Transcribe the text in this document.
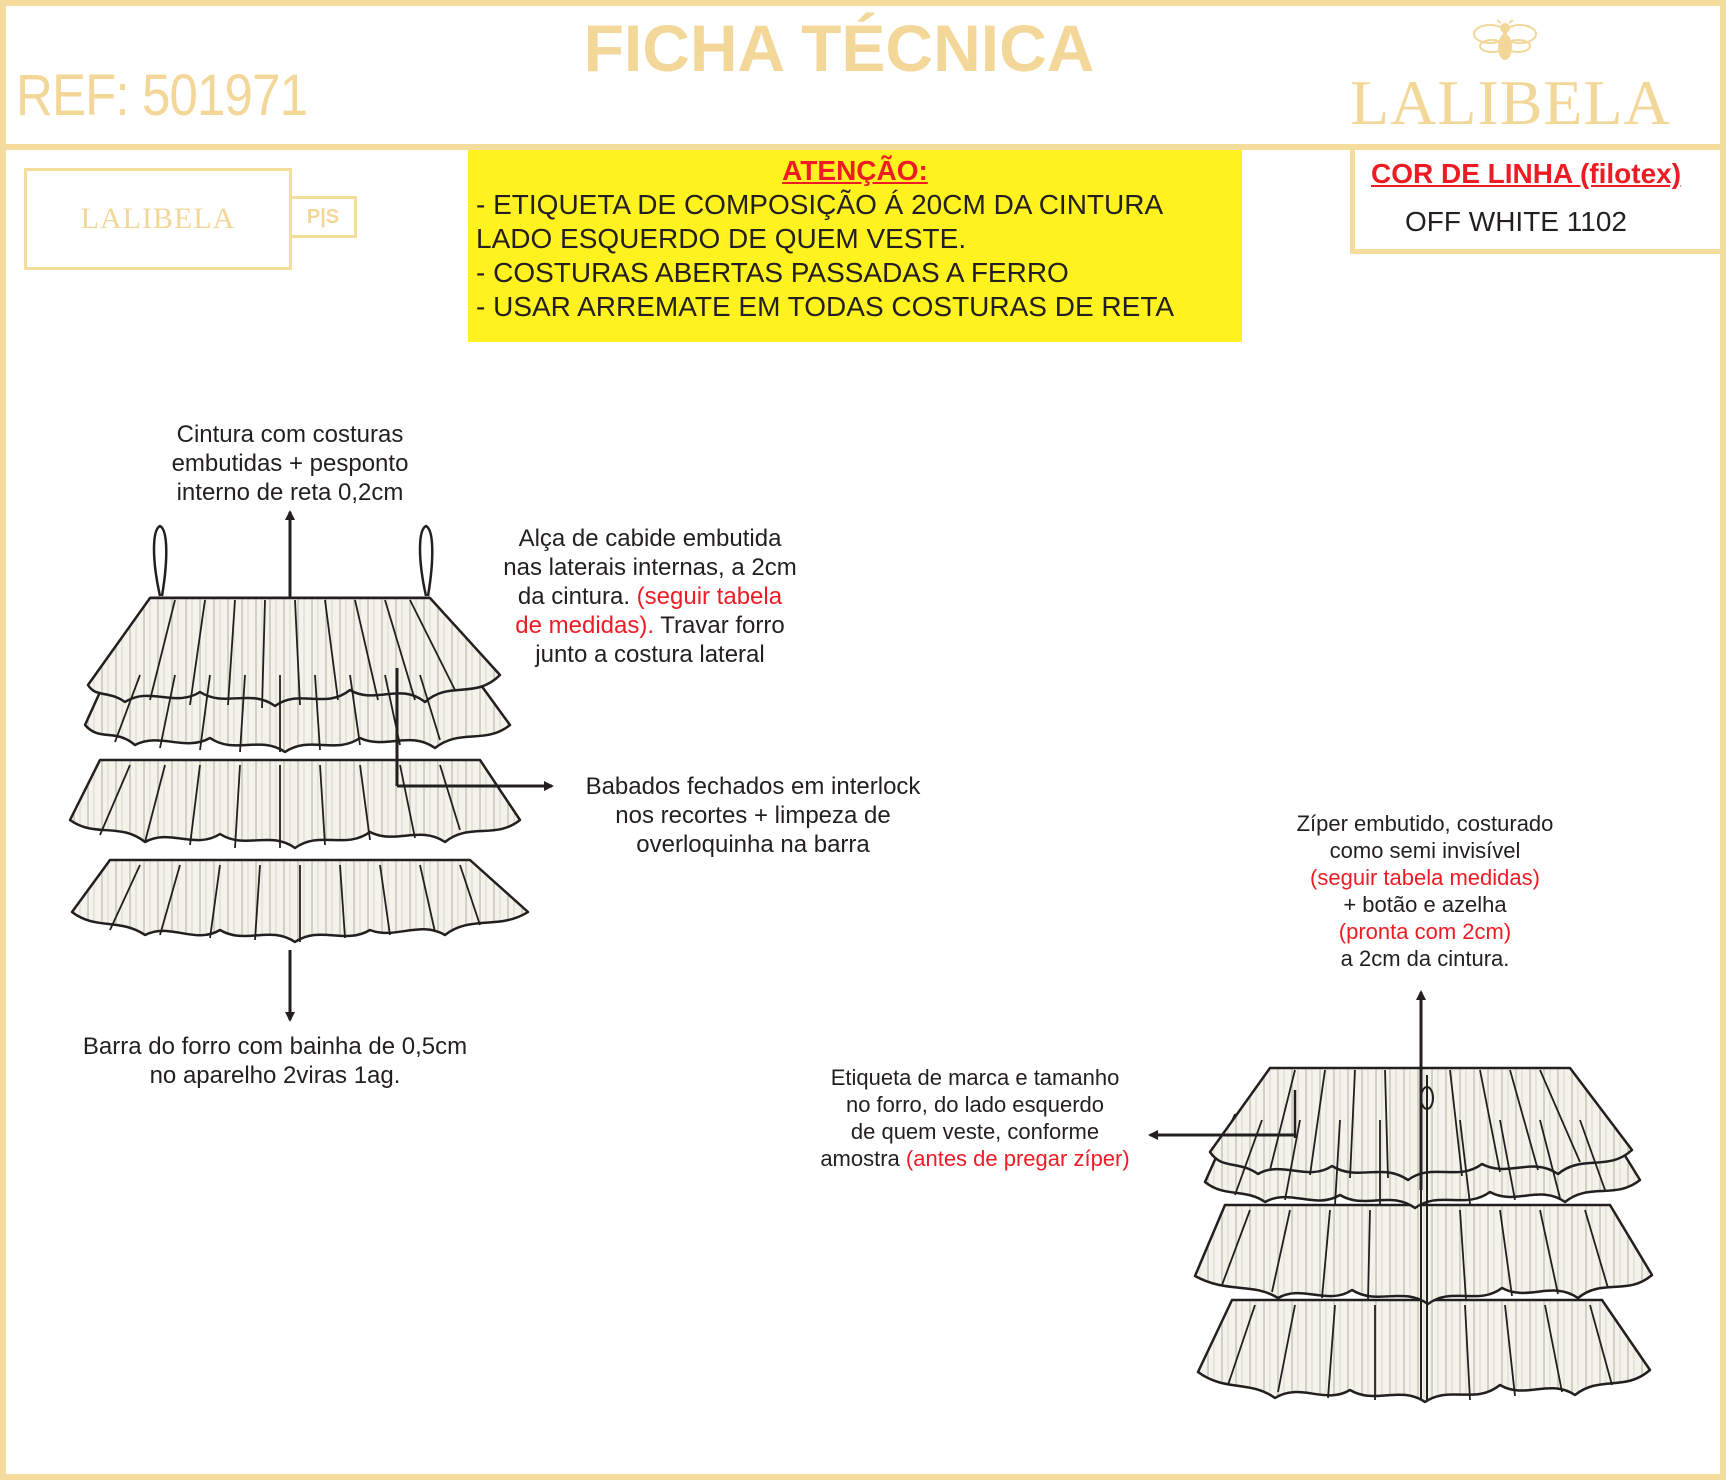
REF: 501971
FICHA TÉCNICA
LALIBELA
LALIBELA	P|S
ATENÇÃO:
- ETIQUETA DE COMPOSIÇÃO Á 20CM DA CINTURA
LADO ESQUERDO DE QUEM VESTE.
- COSTURAS ABERTAS PASSADAS A FERRO
- USAR ARREMATE EM TODAS COSTURAS DE RETA
COR DE LINHA (filotex)
OFF WHITE 1102
Cintura com costuras
embutidas + pesponto
interno de reta 0,2cm
Alça de cabide embutida
nas laterais internas, a 2cm
da cintura. (seguir tabela
de medidas). Travar forro
junto a costura lateral
Babados fechados em interlock
nos recortes + limpeza de
overloquinha na barra
Barra do forro com bainha de 0,5cm
no aparelho 2viras 1ag.
Zíper embutido, costurado
como semi invisível
(seguir tabela medidas)
+ botão e azelha
(pronta com 2cm)
a 2cm da cintura.
Etiqueta de marca e tamanho
no forro, do lado esquerdo
de quem veste, conforme
amostra (antes de pregar zíper)
